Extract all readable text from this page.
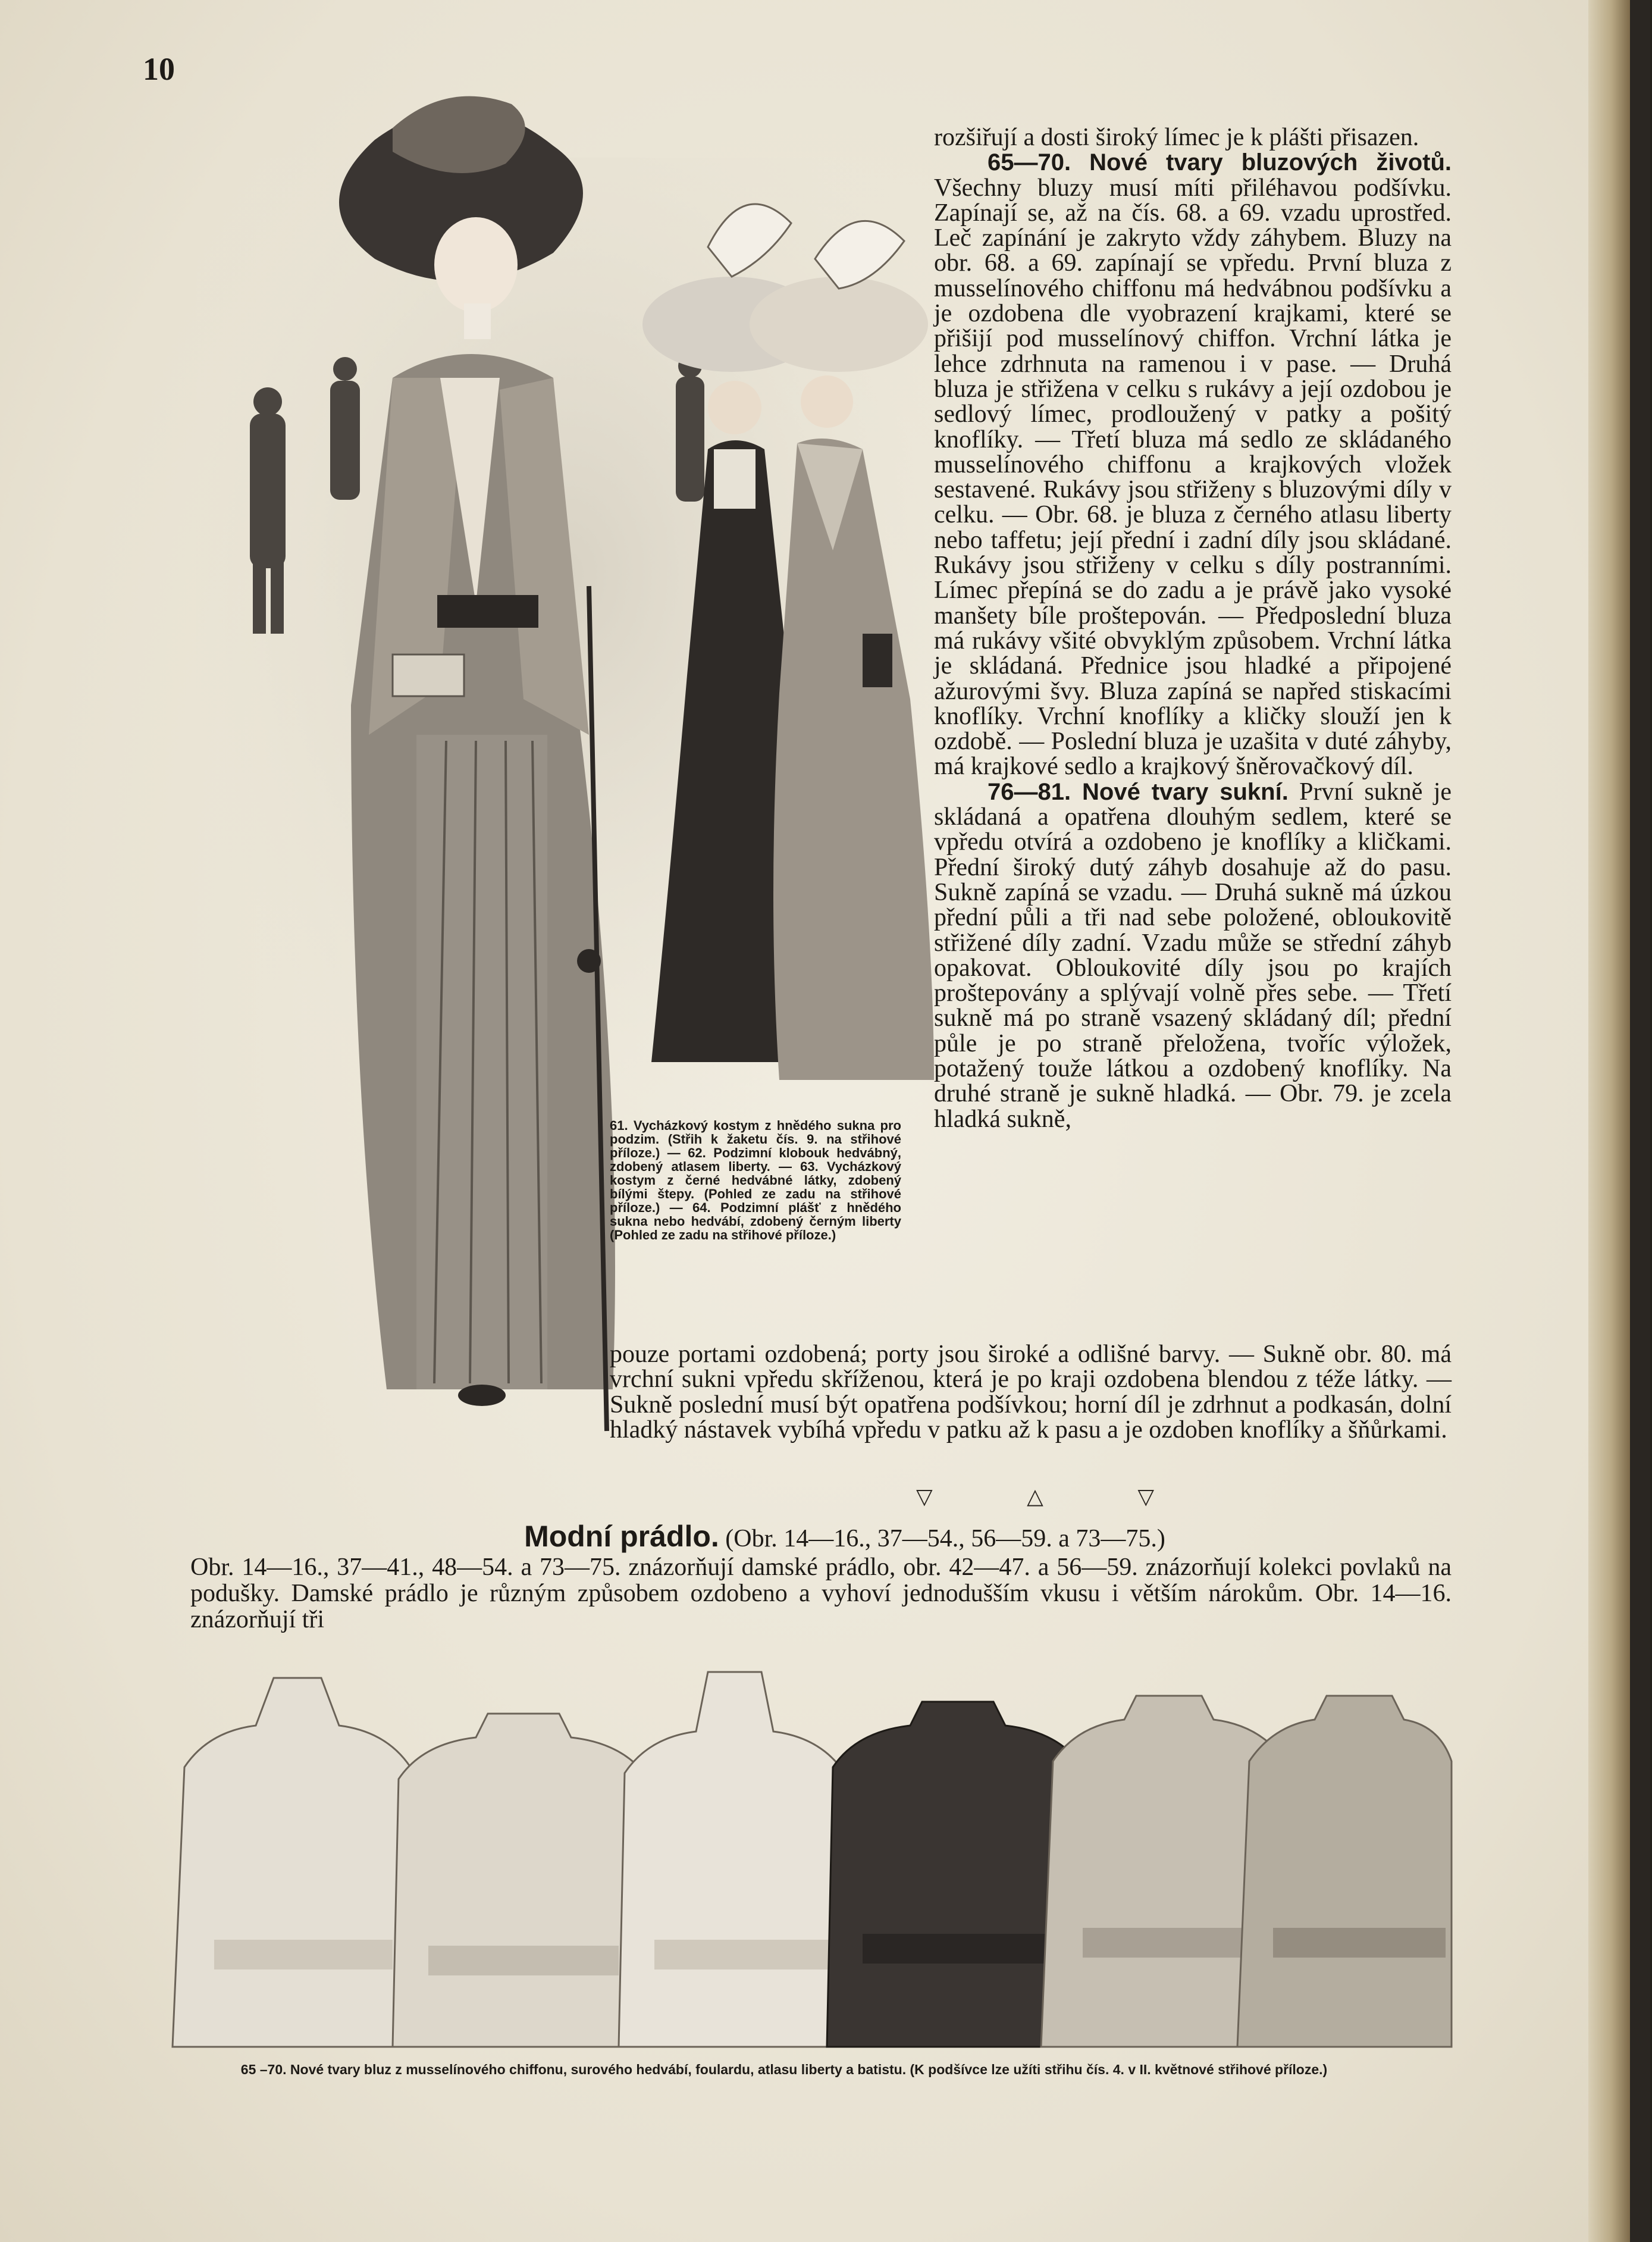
10

rozšiřují a dosti široký límec je k plášti přisazen.

65—70. Nové tvary bluzových životů. Všechny bluzy musí míti přiléhavou podšívku. Zapínají se, až na čís. 68. a 69. vzadu uprostřed. Leč zapínání je zakryto vždy záhybem. Bluzy na obr. 68. a 69. zapínají se vpředu. První bluza z musselínového chiffonu má hedvábnou podšívku a je ozdobena dle vyobrazení krajkami, které se přišijí pod musselínový chiffon. Vrchní látka je lehce zdrhnuta na ramenou i v pase. — Druhá bluza je střižena v celku s rukávy a její ozdobou je sedlový límec, prodloužený v patky a pošitý knoflíky. — Třetí bluza má sedlo ze skládaného musselínového chiffonu a krajkových vložek sestavené. Rukávy jsou střiženy s bluzovými díly v celku. — Obr. 68. je bluza z černého atlasu liberty nebo taffetu; její přední i zadní díly jsou skládané. Rukávy jsou střiženy v celku s díly postranními. Límec přepíná se do zadu a je právě jako vysoké manšety bíle proštepován. — Předposlední bluza má rukávy všité obvyklým způsobem. Vrchní látka je skládaná. Přednice jsou hladké a připojené ažurovými švy. Bluza zapíná se napřed stiskacími knoflíky. Vrchní knoflíky a kličky slouží jen k ozdobě. — Poslední bluza je uzašita v duté záhyby, má krajkové sedlo a krajkový šněrovačkový díl.

76—81. Nové tvary sukní. První sukně je skládaná a opatřena dlouhým sedlem, které se vpředu otvírá a ozdobeno je knoflíky a kličkami. Přední široký dutý záhyb dosahuje až do pasu. Sukně zapíná se vzadu. — Druhá sukně má úzkou přední půli a tři nad sebe položené, obloukovitě střižené díly zadní. Vzadu může se střední záhyb opakovat. Obloukovité díly jsou po krajích proštepovány a splývají volně přes sebe. — Třetí sukně má po straně vsazený skládaný díl; přední půle je po straně přeložena, tvoříc výložek, potažený touže látkou a ozdobený knoflíky. Na druhé straně je sukně hladká. — Obr. 79. je zcela hladká sukně,

61. Vycházkový kostym z hnědého sukna pro podzim. (Střih k žaketu čís. 9. na střihové příloze.) — 62. Podzimní klobouk hedvábný, zdobený atlasem liberty. — 63. Vycházkový kostym z černé hedvábné látky, zdobený bílými štepy. (Pohled ze zadu na střihové příloze.) — 64. Podzimní plášť z hnědého sukna nebo hedvábí, zdobený černým liberty (Pohled ze zadu na střihové příloze.)

pouze portami ozdobená; porty jsou široké a odlišné barvy. — Sukně obr. 80. má vrchní sukni vpředu skříženou, která je po kraji ozdobena blendou z téže látky. — Sukně poslední musí být opatřena podšívkou; horní díl je zdrhnut a podkasán, dolní hladký nástavek vybíhá vpředu v patku až k pasu a je ozdoben knoflíky a šňůrkami.

▽	△	▽

Modní prádlo. (Obr. 14—16., 37—54., 56—59. a 73—75.)

Obr. 14—16., 37—41., 48—54. a 73—75. znázorňují damské prádlo, obr. 42—47. a 56—59. znázorňují kolekci povlaků na podušky. Damské prádlo je různým způsobem ozdobeno a vyhoví jednodušším vkusu i větším nárokům. Obr. 14—16. znázorňují tři

65 –70. Nové tvary bluz z musselínového chiffonu, surového hedvábí, foulardu, atlasu liberty a batistu. (K podšívce lze užíti střihu čís. 4. v II. květnové střihové příloze.)
